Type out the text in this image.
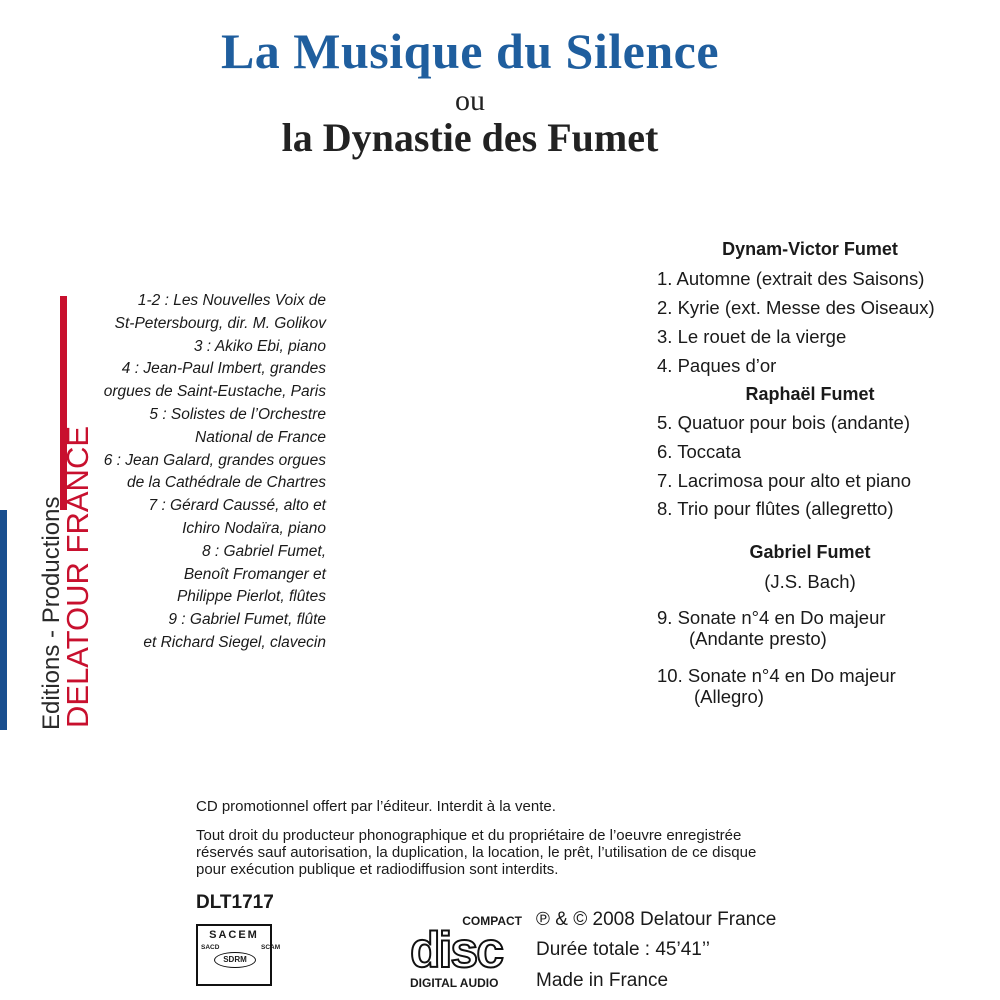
La Musique du Silence
ou
la Dynastie des Fumet
Editions - Productions
DELATOUR FRANCE
1-2 : Les Nouvelles Voix de
St-Petersbourg, dir. M. Golikov
3 : Akiko Ebi, piano
4 : Jean-Paul Imbert, grandes
orgues de Saint-Eustache, Paris
5 : Solistes de l’Orchestre
National de France
6 : Jean Galard, grandes orgues
de la Cathédrale de Chartres
7 : Gérard Caussé, alto et
Ichiro Nodaïra, piano
8 : Gabriel Fumet,
Benoît Fromanger et
Philippe Pierlot, flûtes
9 : Gabriel Fumet, flûte
et Richard Siegel, clavecin
Dynam-Victor Fumet
1. Automne (extrait des Saisons)
2. Kyrie (ext. Messe des Oiseaux)
3. Le rouet de la vierge
4. Paques d’or
Raphaël Fumet
5. Quatuor pour bois (andante)
6. Toccata
7. Lacrimosa pour alto et piano
8. Trio pour flûtes (allegretto)
Gabriel Fumet
(J.S. Bach)
9. Sonate n°4 en Do majeur
(Andante presto)
10. Sonate n°4 en Do majeur
(Allegro)
CD promotionnel offert par l’éditeur. Interdit à la vente.
Tout droit du producteur phonographique et du propriétaire de l’oeuvre enregistrée
réservés sauf autorisation, la duplication, la location, le prêt, l’utilisation de ce disque
pour exécution publique et radiodiffusion sont interdits.
DLT1717
SACEM
SACD	SCAM
SDRM
COMPACT
disc
DIGITAL AUDIO
℗ & © 2008 Delatour France
Durée totale : 45’41’’
Made in France
